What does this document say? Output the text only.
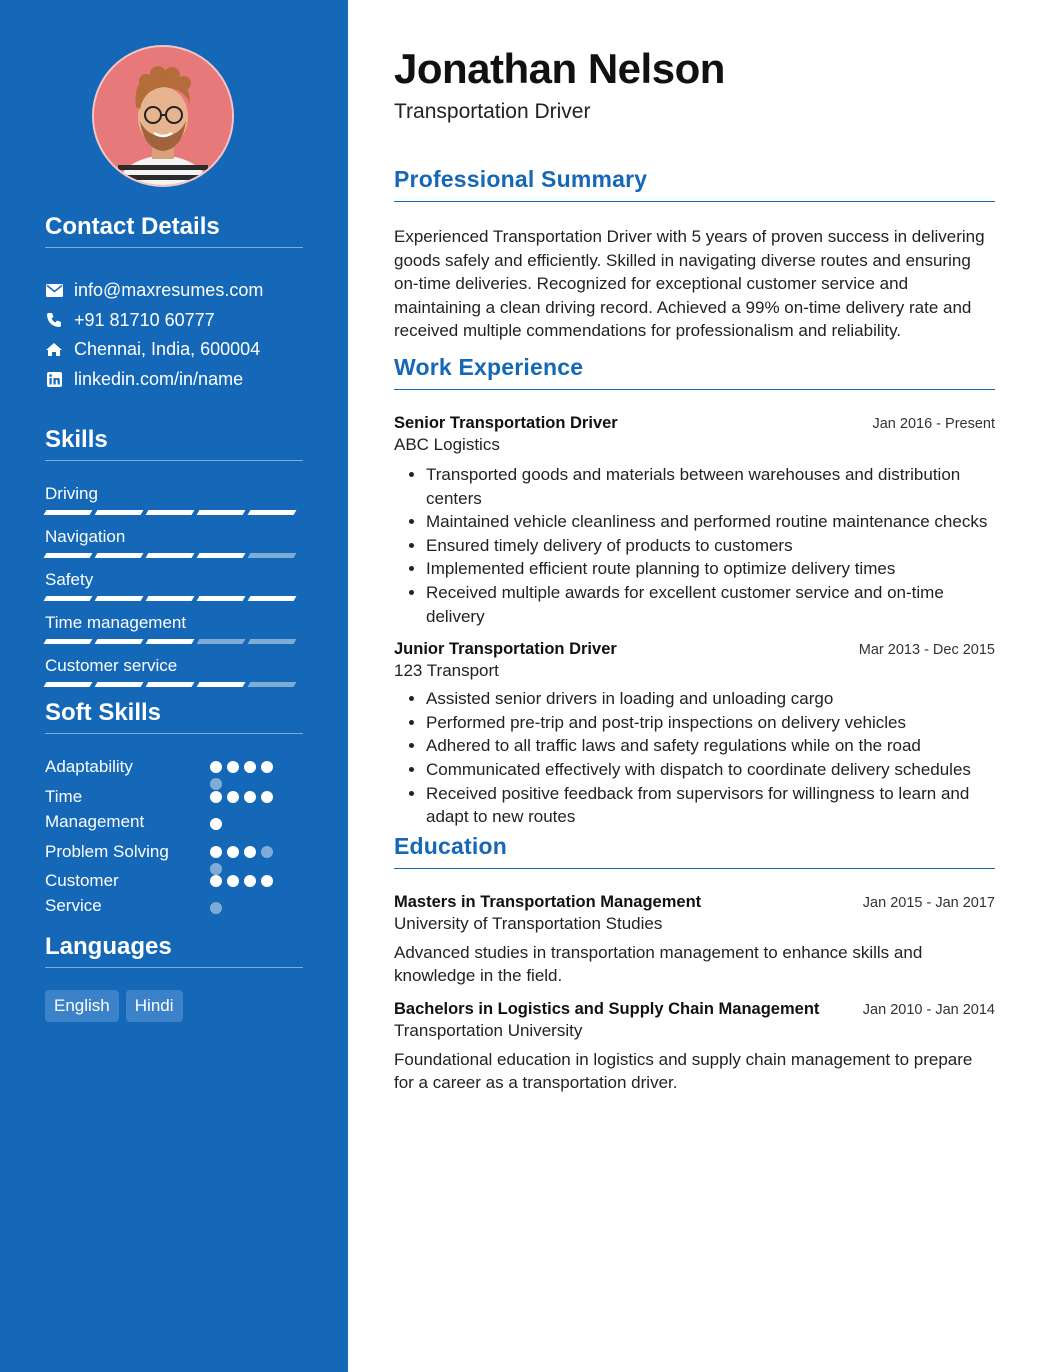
Contact Details
info@maxresumes.com
+91 81710 60777
Chennai, India, 600004
linkedin.com/in/name
Skills
Driving
Navigation
Safety
Time management
Customer service
Soft Skills
Adaptability
Time Management
Problem Solving
Customer Service
Languages
English	Hindi
Jonathan Nelson
Transportation Driver
Professional Summary

Experienced Transportation Driver with 5 years of proven success in delivering goods safely and efficiently. Skilled in navigating diverse routes and ensuring on-time deliveries. Recognized for exceptional customer service and maintaining a clean driving record. Achieved a 99% on-time delivery rate and received multiple commendations for professionalism and reliability.

Work Experience
Senior Transportation Driver	Jan 2016 - Present
ABC Logistics
• Transported goods and materials between warehouses and distribution centers
• Maintained vehicle cleanliness and performed routine maintenance checks
• Ensured timely delivery of products to customers
• Implemented efficient route planning to optimize delivery times
• Received multiple awards for excellent customer service and on-time delivery
Junior Transportation Driver	Mar 2013 - Dec 2015
123 Transport
• Assisted senior drivers in loading and unloading cargo
• Performed pre-trip and post-trip inspections on delivery vehicles
• Adhered to all traffic laws and safety regulations while on the road
• Communicated effectively with dispatch to coordinate delivery schedules
• Received positive feedback from supervisors for willingness to learn and adapt to new routes
Education
Masters in Transportation Management	Jan 2015 - Jan 2017
University of Transportation Studies

Advanced studies in transportation management to enhance skills and knowledge in the field.

Bachelors in Logistics and Supply Chain Management	Jan 2010 - Jan 2014
Transportation University

Foundational education in logistics and supply chain management to prepare for a career as a transportation driver.
